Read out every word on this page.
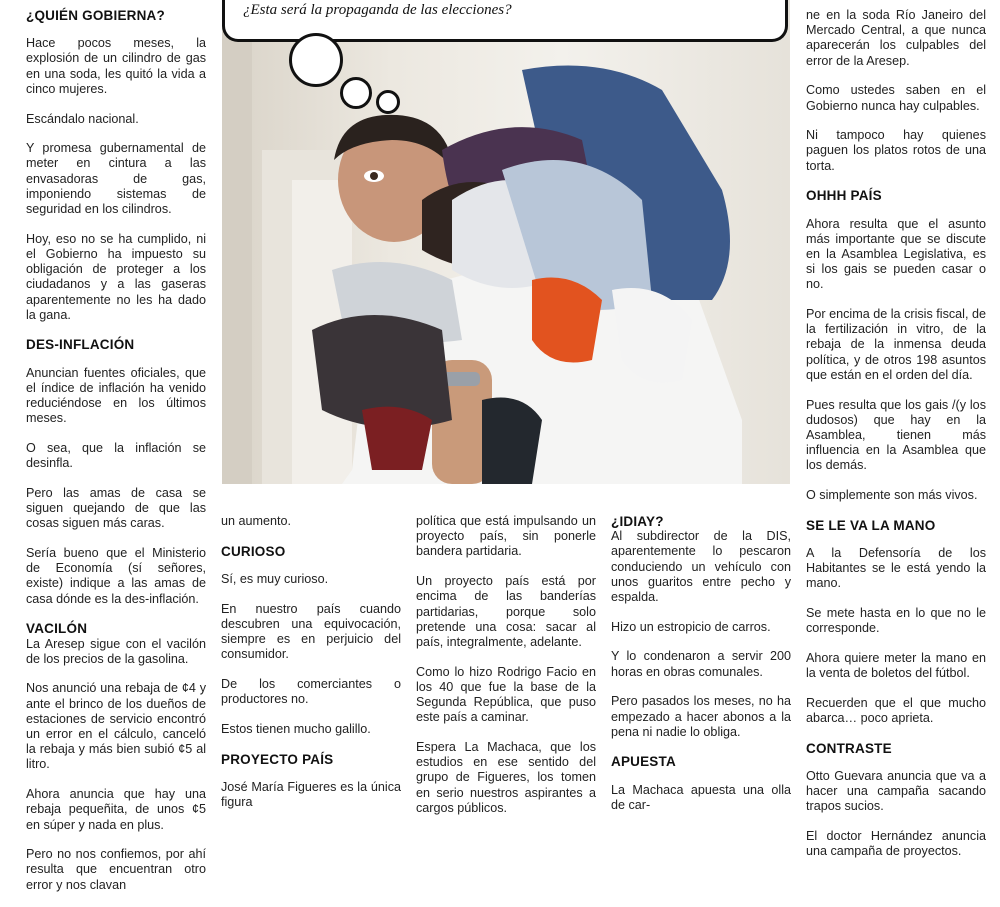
¿Esta será la propaganda de las elecciones?
¿QUIÉN GOBIERNA?

Hace pocos meses, la explosión de un cilindro de gas en una soda, les quitó la vida a cinco mujeres.

Escándalo nacional.

Y promesa gubernamental de meter en cintura a las envasadoras de gas, imponiendo sistemas de seguridad en los cilindros.

Hoy, eso no se ha cumplido, ni el Gobierno ha impuesto su obligación de proteger a los ciudadanos y a las gaseras aparentemente no les ha dado la gana.

DES-INFLACIÓN

Anuncian fuentes oficiales, que el índice de inflación ha venido reduciéndose en los últimos meses.

O sea, que la inflación se desinfla.

Pero las amas de casa se siguen quejando de que las cosas siguen más caras.

Sería bueno que el Ministerio de Economía (sí señores, existe) indique a las amas de casa dónde es la des-inflación.

VACILÓN

La Aresep sigue con el vacilón de los precios de la gasolina.

Nos anunció una rebaja de ¢4 y ante el brinco de los dueños de estaciones de servicio encontró un error en el cálculo, canceló la rebaja y más bien subió ¢5 al litro.

Ahora anuncia que hay una rebaja pequeñita, de unos ¢5 en súper y nada en plus.

Pero no nos confiemos, por ahí resulta que encuentran otro error y nos clavan

un aumento.

CURIOSO

Sí, es muy curioso.

En nuestro país cuando descubren una equivocación, siempre es en perjuicio del consumidor.

De los comerciantes o productores no.

Estos tienen mucho galillo.

PROYECTO PAÍS

José María Figueres es la única figura

política que está impulsando un proyecto país, sin ponerle bandera partidaria.

Un proyecto país está por encima de las banderías partidarias, porque solo pretende una cosa: sacar al país, integralmente, adelante.

Como lo hizo Rodrigo Facio en los 40 que fue la base de la Segunda República, que puso este país a caminar.

Espera La Machaca, que los estudios en ese sentido del grupo de Figueres, los tomen en serio nuestros aspirantes a cargos públicos.

¿IDIAY?

Al subdirector de la DIS, aparentemente lo pescaron conduciendo un vehículo con unos guaritos entre pecho y espalda.

Hizo un estropicio de carros.

Y lo condenaron a servir 200 horas en obras comunales.

Pero pasados los meses, no ha empezado a hacer abonos a la pena ni nadie lo obliga.

APUESTA

La Machaca apuesta una olla de car-

ne en la soda Río Janeiro del Mercado Central, a que nunca aparecerán los culpables del error de la Aresep.

Como ustedes saben en el Gobierno nunca hay culpables.

Ni tampoco hay quienes paguen los platos rotos de una torta.

OHHH PAÍS

Ahora resulta que el asunto más importante que se discute en la Asamblea Legislativa, es si los gais se pueden casar o no.

Por encima de la crisis fiscal, de la fertilización in vitro, de la rebaja de la inmensa deuda política, y de otros 198 asuntos que están en el orden del día.

Pues resulta que los gais /(y los dudosos) que hay en la Asamblea, tienen más influencia en la Asamblea que los demás.

O simplemente son más vivos.

SE LE VA LA MANO

A la Defensoría de los Habitantes se le está yendo la mano.

Se mete hasta en lo que no le corresponde.

Ahora quiere meter la mano en la venta de boletos del fútbol.

Recuerden que el que mucho abarca… poco aprieta.

CONTRASTE

Otto Guevara anuncia que va a hacer una campaña sacando trapos sucios.

El doctor Hernández anuncia una campaña de proyectos.
